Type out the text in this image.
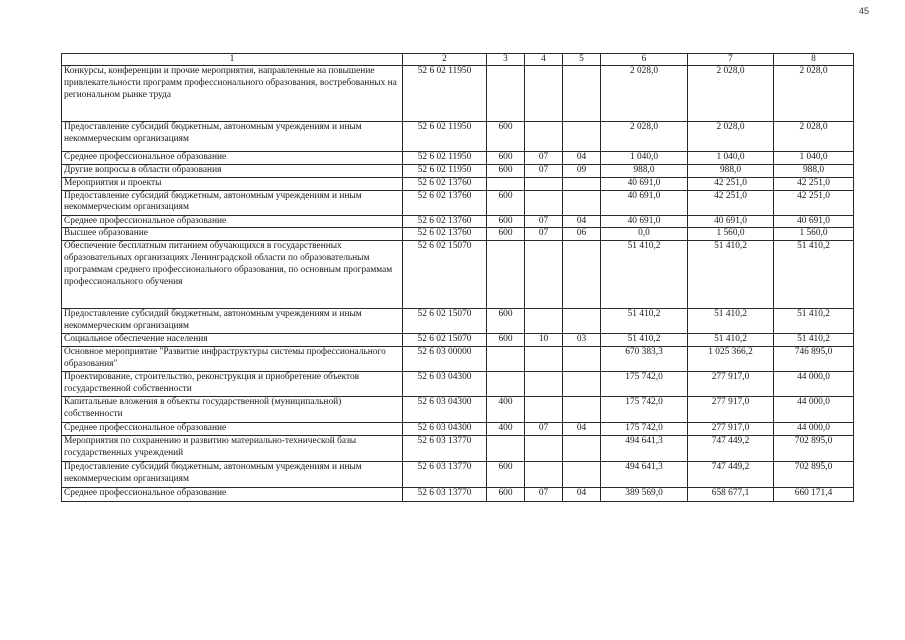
45
1	2	3	4	5	6	7	8
Конкурсы, конференции и прочие мероприятия, направленные на повышение привлекательности программ профессионального образования, востребованных на региональном рынке труда	52 6 02 11950				2 028,0	2 028,0	2 028,0
Предоставление субсидий бюджетным, автономным учреждениям и иным некоммерческим организациям	52 6 02 11950	600			2 028,0	2 028,0	2 028,0
Среднее профессиональное образование	52 6 02 11950	600	07	04	1 040,0	1 040,0	1 040,0
Другие вопросы в области образования	52 6 02 11950	600	07	09	988,0	988,0	988,0
Мероприятия и проекты	52 6 02 13760				40 691,0	42 251,0	42 251,0
Предоставление субсидий бюджетным, автономным учреждениям и иным некоммерческим организациям	52 6 02 13760	600			40 691,0	42 251,0	42 251,0
Среднее профессиональное образование	52 6 02 13760	600	07	04	40 691,0	40 691,0	40 691,0
Высшее образование	52 6 02 13760	600	07	06	0,0	1 560,0	1 560,0
Обеспечение бесплатным питанием обучающихся в государственных образовательных организациях Ленинградской области по образовательным программам среднего профессионального образования, по основным программам профессионального обучения	52 6 02 15070				51 410,2	51 410,2	51 410,2
Предоставление субсидий бюджетным, автономным учреждениям и иным некоммерческим организациям	52 6 02 15070	600			51 410,2	51 410,2	51 410,2
Социальное обеспечение населения	52 6 02 15070	600	10	03	51 410,2	51 410,2	51 410,2
Основное мероприятие "Развитие инфраструктуры системы профессионального образования"	52 6 03 00000				670 383,3	1 025 366,2	746 895,0
Проектирование, строительство, реконструкция и приобретение объектов государственной собственности	52 6 03 04300				175 742,0	277 917,0	44 000,0
Капитальные вложения в объекты государственной (муниципальной) собственности	52 6 03 04300	400			175 742,0	277 917,0	44 000,0
Среднее профессиональное образование	52 6 03 04300	400	07	04	175 742,0	277 917,0	44 000,0
Мероприятия по сохранению и развитию материально-технической базы государственных учреждений	52 6 03 13770				494 641,3	747 449,2	702 895,0
Предоставление субсидий бюджетным, автономным учреждениям и иным некоммерческим организациям	52 6 03 13770	600			494 641,3	747 449,2	702 895,0
Среднее профессиональное образование	52 6 03 13770	600	07	04	389 569,0	658 677,1	660 171,4
